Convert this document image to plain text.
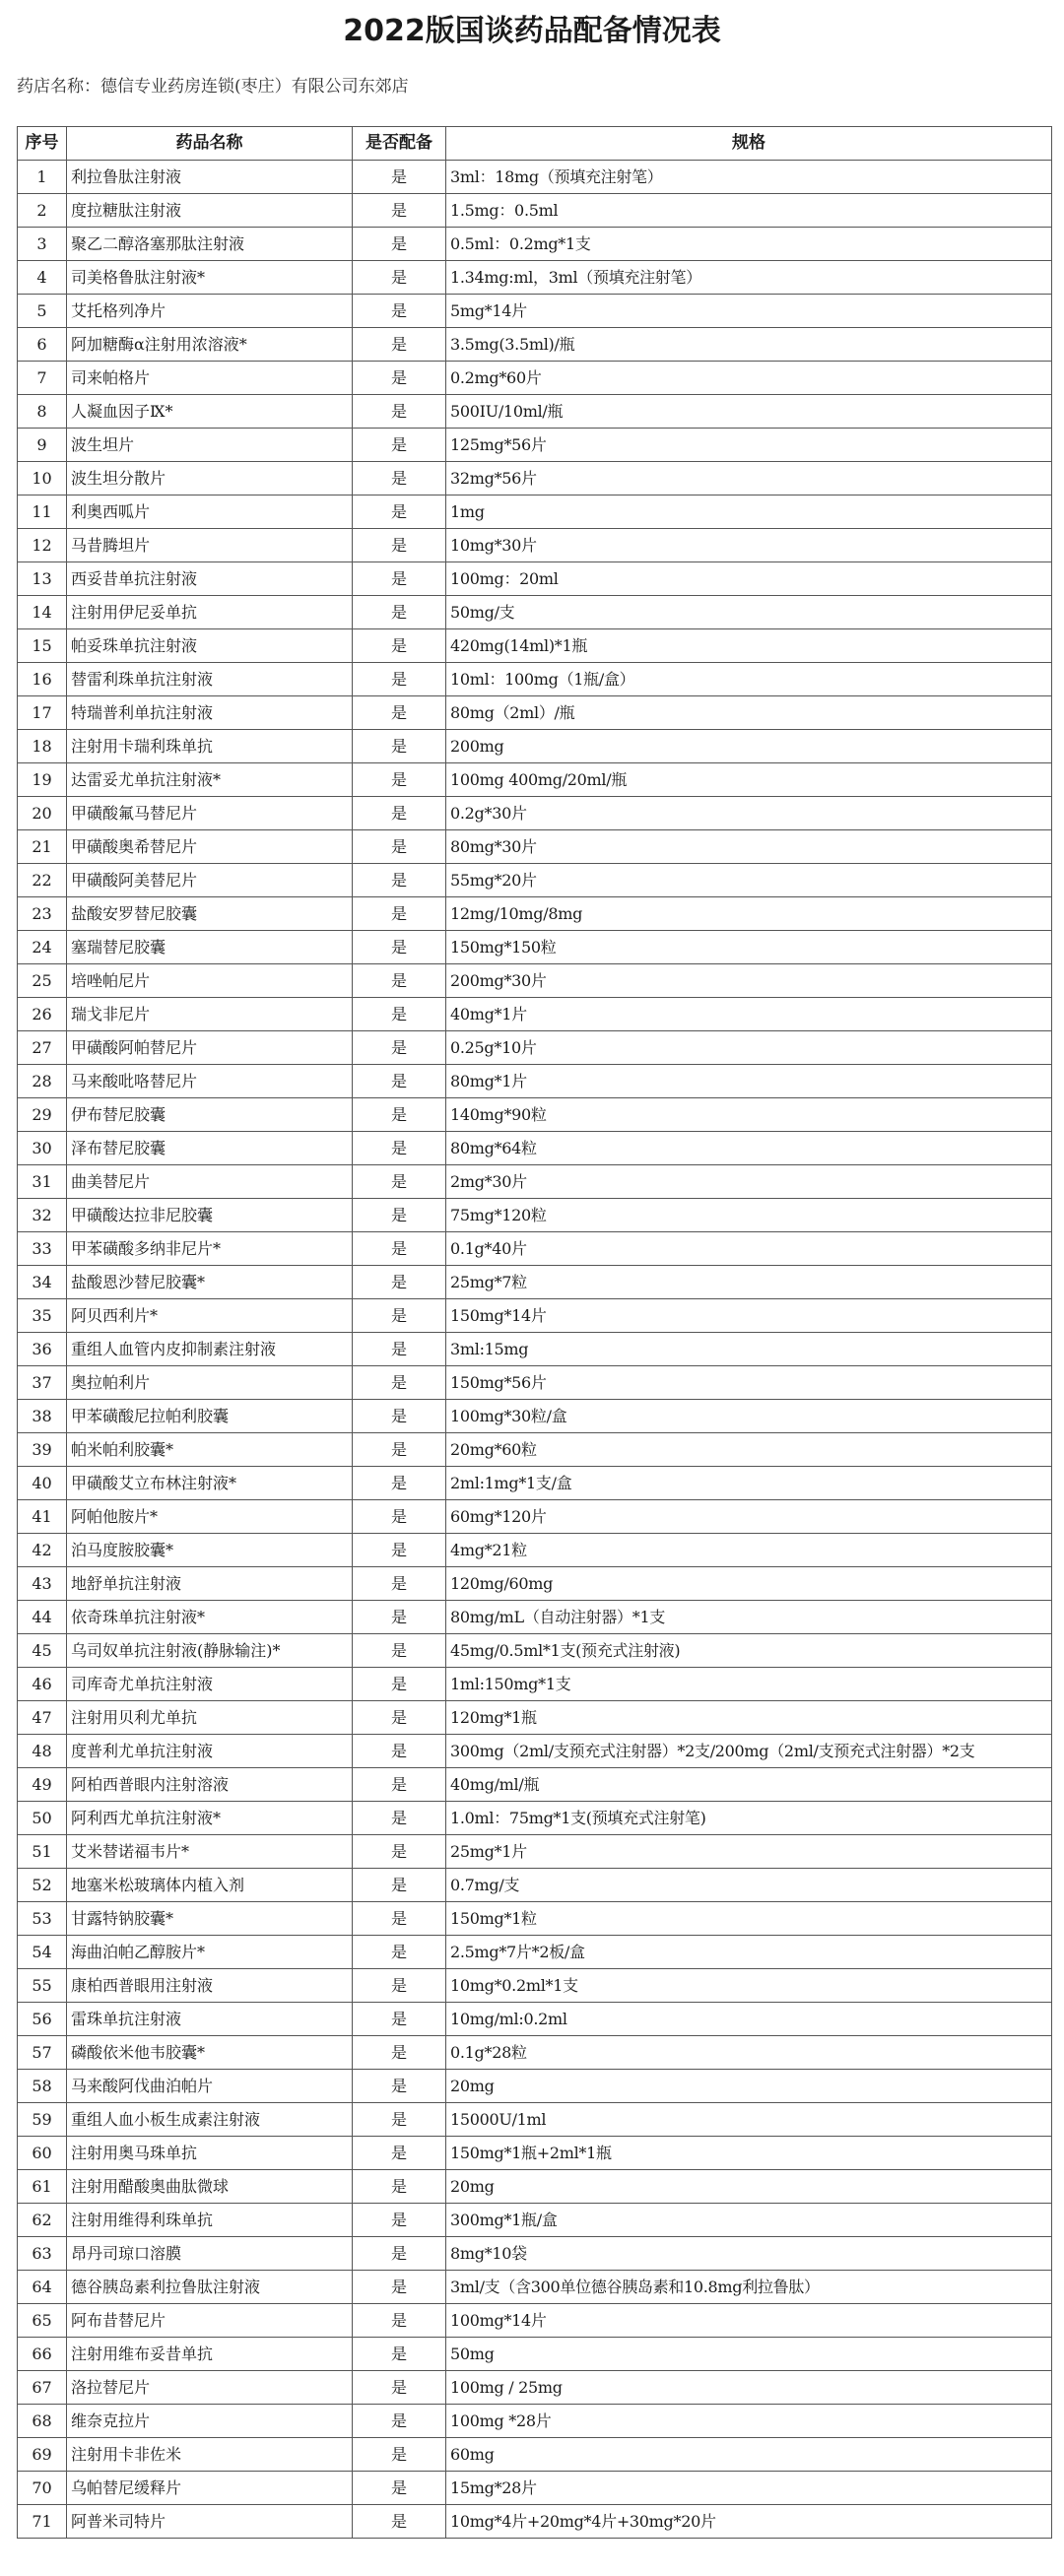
2022版国谈药品配备情况表
药店名称：德信专业药房连锁(枣庄）有限公司东郊店
序号	药品名称	是否配备	规格
1	利拉鲁肽注射液	是	3ml：18mg（预填充注射笔）
2	度拉糖肽注射液	是	1.5mg：0.5ml
3	聚乙二醇洛塞那肽注射液	是	0.5ml：0.2mg*1支
4	司美格鲁肽注射液*	是	1.34mg:ml，3ml（预填充注射笔）
5	艾托格列净片	是	5mg*14片
6	阿加糖酶α注射用浓溶液*	是	3.5mg(3.5ml)/瓶
7	司来帕格片	是	0.2mg*60片
8	人凝血因子Ⅸ*	是	500IU/10ml/瓶
9	波生坦片	是	125mg*56片
10	波生坦分散片	是	32mg*56片
11	利奥西呱片	是	1mg
12	马昔腾坦片	是	10mg*30片
13	西妥昔单抗注射液	是	100mg：20ml
14	注射用伊尼妥单抗	是	50mg/支
15	帕妥珠单抗注射液	是	420mg(14ml)*1瓶
16	替雷利珠单抗注射液	是	10ml：100mg（1瓶/盒）
17	特瑞普利单抗注射液	是	80mg（2ml）/瓶
18	注射用卡瑞利珠单抗	是	200mg
19	达雷妥尤单抗注射液*	是	100mg 400mg/20ml/瓶
20	甲磺酸氟马替尼片	是	0.2g*30片
21	甲磺酸奥希替尼片	是	80mg*30片
22	甲磺酸阿美替尼片	是	55mg*20片
23	盐酸安罗替尼胶囊	是	12mg/10mg/8mg
24	塞瑞替尼胶囊	是	150mg*150粒
25	培唑帕尼片	是	200mg*30片
26	瑞戈非尼片	是	40mg*1片
27	甲磺酸阿帕替尼片	是	0.25g*10片
28	马来酸吡咯替尼片	是	80mg*1片
29	伊布替尼胶囊	是	140mg*90粒
30	泽布替尼胶囊	是	80mg*64粒
31	曲美替尼片	是	2mg*30片
32	甲磺酸达拉非尼胶囊	是	75mg*120粒
33	甲苯磺酸多纳非尼片*	是	0.1g*40片
34	盐酸恩沙替尼胶囊*	是	25mg*7粒
35	阿贝西利片*	是	150mg*14片
36	重组人血管内皮抑制素注射液	是	3ml:15mg
37	奥拉帕利片	是	150mg*56片
38	甲苯磺酸尼拉帕利胶囊	是	100mg*30粒/盒
39	帕米帕利胶囊*	是	20mg*60粒
40	甲磺酸艾立布林注射液*	是	2ml:1mg*1支/盒
41	阿帕他胺片*	是	60mg*120片
42	泊马度胺胶囊*	是	4mg*21粒
43	地舒单抗注射液	是	120mg/60mg
44	依奇珠单抗注射液*	是	80mg/mL（自动注射器）*1支
45	乌司奴单抗注射液(静脉输注)*	是	45mg/0.5ml*1支(预充式注射液)
46	司库奇尤单抗注射液	是	1ml:150mg*1支
47	注射用贝利尤单抗	是	120mg*1瓶
48	度普利尤单抗注射液	是	300mg（2ml/支预充式注射器）*2支/200mg（2ml/支预充式注射器）*2支
49	阿柏西普眼内注射溶液	是	40mg/ml/瓶
50	阿利西尤单抗注射液*	是	1.0ml：75mg*1支(预填充式注射笔)
51	艾米替诺福韦片*	是	25mg*1片
52	地塞米松玻璃体内植入剂	是	0.7mg/支
53	甘露特钠胶囊*	是	150mg*1粒
54	海曲泊帕乙醇胺片*	是	2.5mg*7片*2板/盒
55	康柏西普眼用注射液	是	10mg*0.2ml*1支
56	雷珠单抗注射液	是	10mg/ml:0.2ml
57	磷酸依米他韦胶囊*	是	0.1g*28粒
58	马来酸阿伐曲泊帕片	是	20mg
59	重组人血小板生成素注射液	是	15000U/1ml
60	注射用奥马珠单抗	是	150mg*1瓶+2ml*1瓶
61	注射用醋酸奥曲肽微球	是	20mg
62	注射用维得利珠单抗	是	300mg*1瓶/盒
63	昂丹司琼口溶膜	是	8mg*10袋
64	德谷胰岛素利拉鲁肽注射液	是	3ml/支（含300单位德谷胰岛素和10.8mg利拉鲁肽）
65	阿布昔替尼片	是	100mg*14片
66	注射用维布妥昔单抗	是	50mg
67	洛拉替尼片	是	100mg / 25mg
68	维奈克拉片	是	100mg *28片
69	注射用卡非佐米	是	60mg
70	乌帕替尼缓释片	是	15mg*28片
71	阿普米司特片	是	10mg*4片+20mg*4片+30mg*20片
